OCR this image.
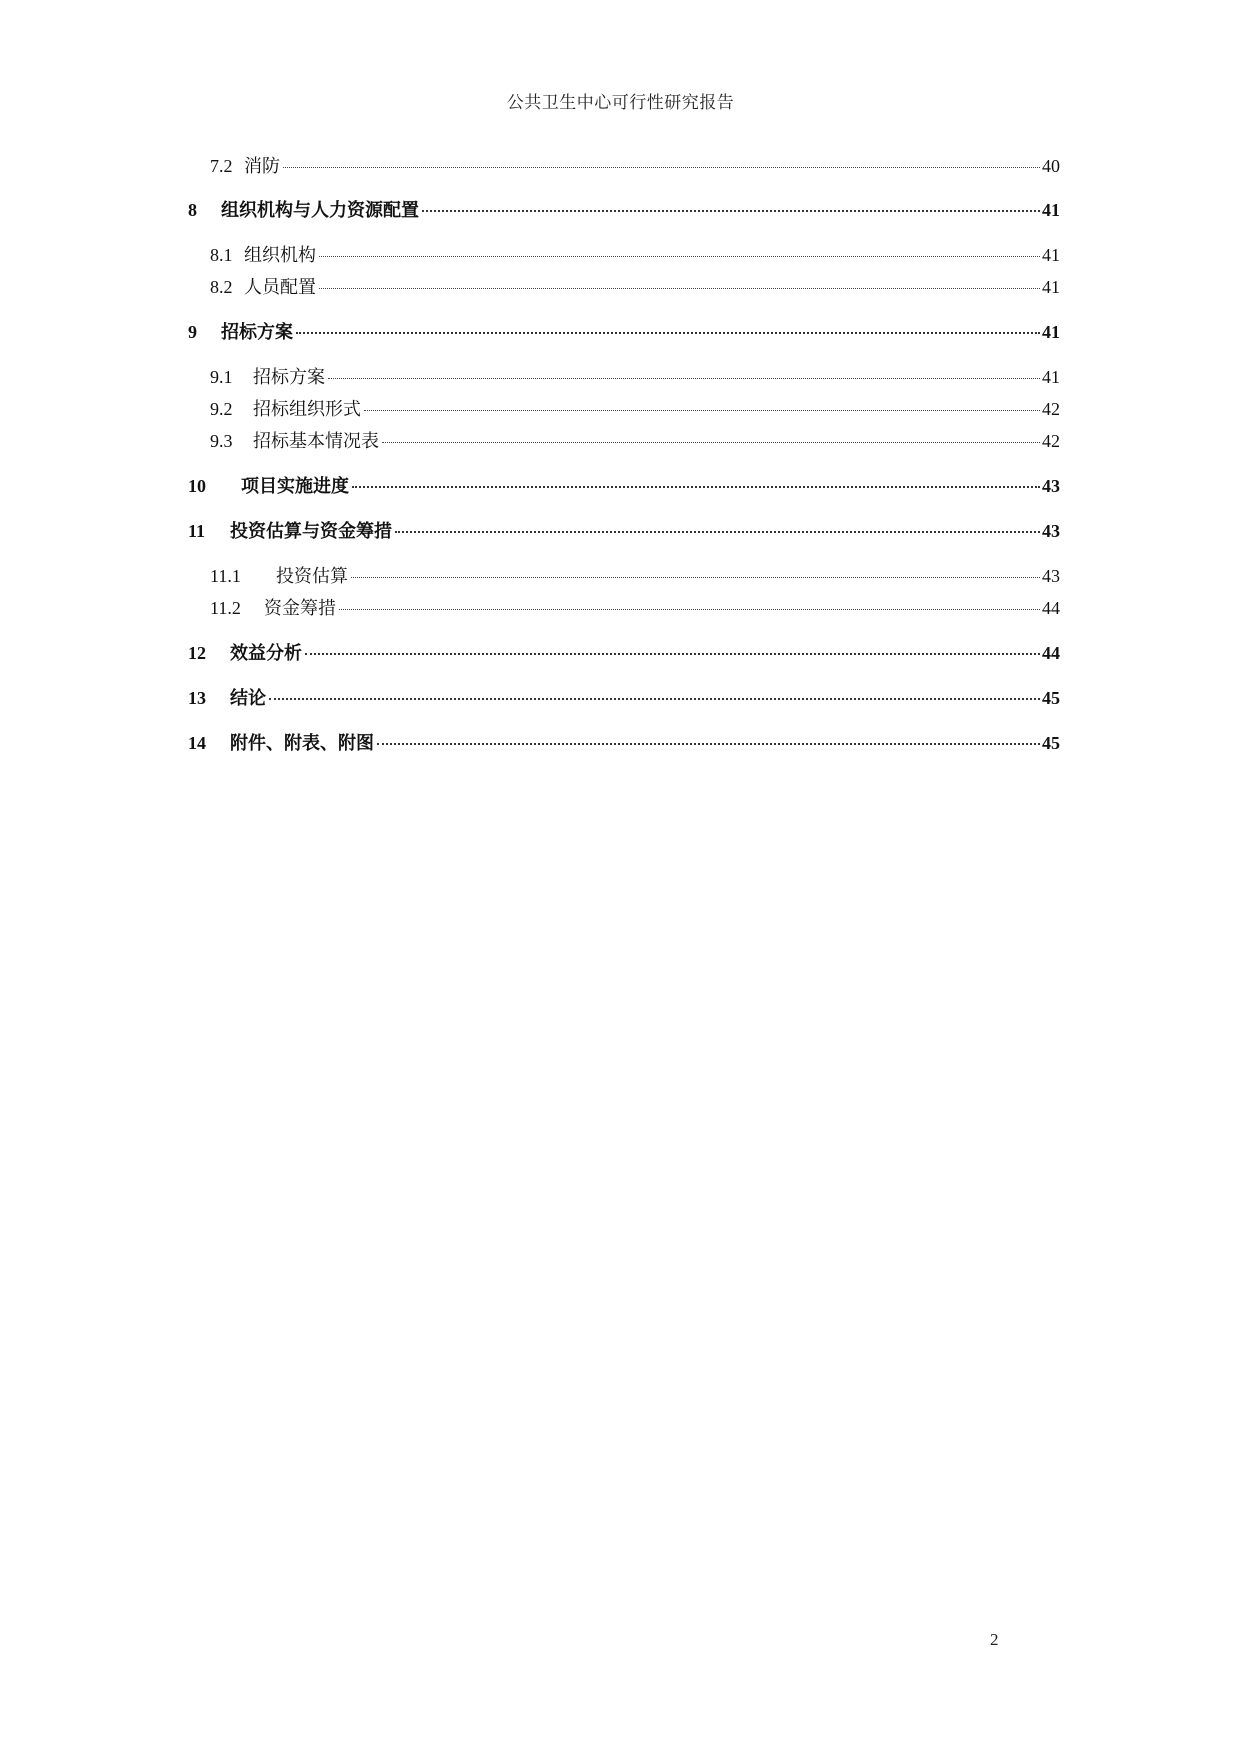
公共卫生中心可行性研究报告
7.2 消防	40
8	组织机构与人力资源配置	41
8.1 组织机构	41
8.2 人员配置	41
9	招标方案	41
9.1	招标方案	41
9.2	招标组织形式	42
9.3	招标基本情况表	42
10	项目实施进度	43
11	投资估算与资金筹措	43
11.1	投资估算	43
11.2	资金筹措	44
12	效益分析	44
13	结论	45
14	附件、附表、附图	45
2
